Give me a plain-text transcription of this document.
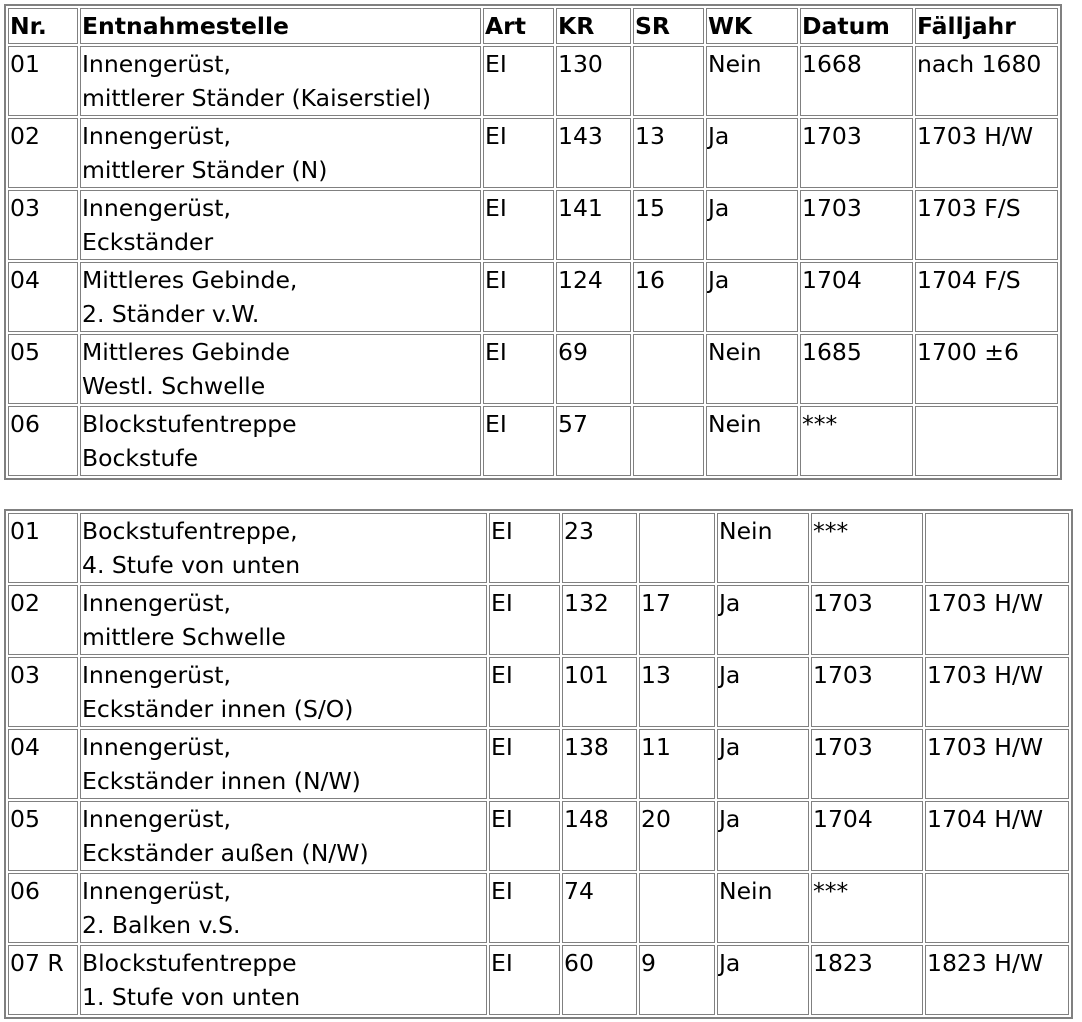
Nr.	Entnahmestelle	Art	KR	SR	WK	Datum	Fälljahr
01	Innengerüst,
mittlerer Ständer (Kaiserstiel)	EI	130		Nein	1668	nach 1680
02	Innengerüst,
mittlerer Ständer (N)	EI	143	13	Ja	1703	1703 H/W
03	Innengerüst,
Eckständer	EI	141	15	Ja	1703	1703 F/S
04	Mittleres Gebinde,
2. Ständer v.W.	EI	124	16	Ja	1704	1704 F/S
05	Mittleres Gebinde
Westl. Schwelle	EI	69		Nein	1685	1700 ±6
06	Blockstufentreppe
Bockstufe	EI	57		Nein	***	
01	Bockstufentreppe,
4. Stufe von unten	EI	23		Nein	***	
02	Innengerüst,
mittlere Schwelle	EI	132	17	Ja	1703	1703 H/W
03	Innengerüst,
Eckständer innen (S/O)	EI	101	13	Ja	1703	1703 H/W
04	Innengerüst,
Eckständer innen (N/W)	EI	138	11	Ja	1703	1703 H/W
05	Innengerüst,
Eckständer außen (N/W)	EI	148	20	Ja	1704	1704 H/W
06	Innengerüst,
2. Balken v.S.	EI	74		Nein	***	
07 R	Blockstufentreppe
1. Stufe von unten	EI	60	9	Ja	1823	1823 H/W
